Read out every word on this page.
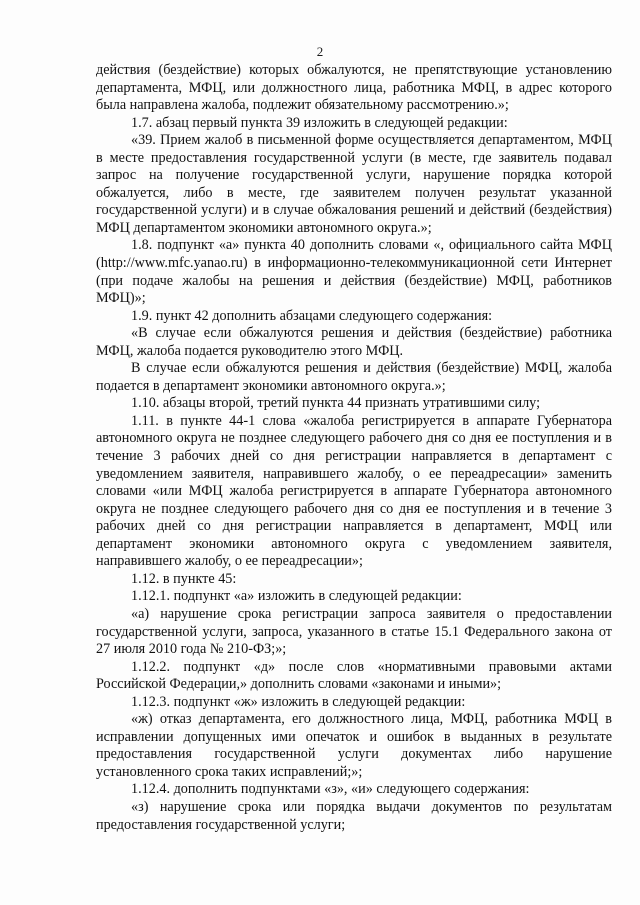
2

действия (бездействие) которых обжалуются, не препятствующие установлению департамента, МФЦ, или должностного лица, работника МФЦ, в адрес которого была направлена жалоба, подлежит обязательному рассмотрению.»;

1.7. абзац первый пункта 39 изложить в следующей редакции:

«39. Прием жалоб в письменной форме осуществляется департаментом, МФЦ в месте предоставления государственной услуги (в месте, где заявитель подавал запрос на получение государственной услуги, нарушение порядка которой обжалуется, либо в месте, где заявителем получен результат указанной государственной услуги) и в случае обжалования решений и действий (бездействия) МФЦ департаментом экономики автономного округа.»;

1.8. подпункт «а» пункта 40 дополнить словами «, официального сайта МФЦ (http://www.mfc.yanao.ru) в информационно-телекоммуникационной сети Интернет (при подаче жалобы на решения и действия (бездействие) МФЦ, работников МФЦ)»;

1.9. пункт 42 дополнить абзацами следующего содержания:

«В случае если обжалуются решения и действия (бездействие) работника МФЦ, жалоба подается руководителю этого МФЦ.

В случае если обжалуются решения и действия (бездействие) МФЦ, жалоба подается в департамент экономики автономного округа.»;

1.10. абзацы второй, третий пункта 44 признать утратившими силу;

1.11. в пункте 44-1 слова «жалоба регистрируется в аппарате Губернатора автономного округа не позднее следующего рабочего дня со дня ее поступления и в течение 3 рабочих дней со дня регистрации направляется в департамент с уведомлением заявителя, направившего жалобу, о ее переадресации» заменить словами «или МФЦ жалоба регистрируется в аппарате Губернатора автономного округа не позднее следующего рабочего дня со дня ее поступления и в течение 3 рабочих дней со дня регистрации направляется в департамент, МФЦ или департамент экономики автономного округа с уведомлением заявителя, направившего жалобу, о ее переадресации»;

1.12. в пункте 45:

1.12.1. подпункт «а» изложить в следующей редакции:

«а) нарушение срока регистрации запроса заявителя о предоставлении государственной услуги, запроса, указанного в статье 15.1 Федерального закона от 27 июля 2010 года № 210-ФЗ;»;

1.12.2. подпункт «д» после слов «нормативными правовыми актами Российской Федерации,» дополнить словами «законами и иными»;

1.12.3. подпункт «ж» изложить в следующей редакции:

«ж) отказ департамента, его должностного лица, МФЦ, работника МФЦ в исправлении допущенных ими опечаток и ошибок в выданных в результате предоставления государственной услуги документах либо нарушение установленного срока таких исправлений;»;

1.12.4. дополнить подпунктами «з», «и» следующего содержания:

«з) нарушение срока или порядка выдачи документов по результатам предоставления государственной услуги;
